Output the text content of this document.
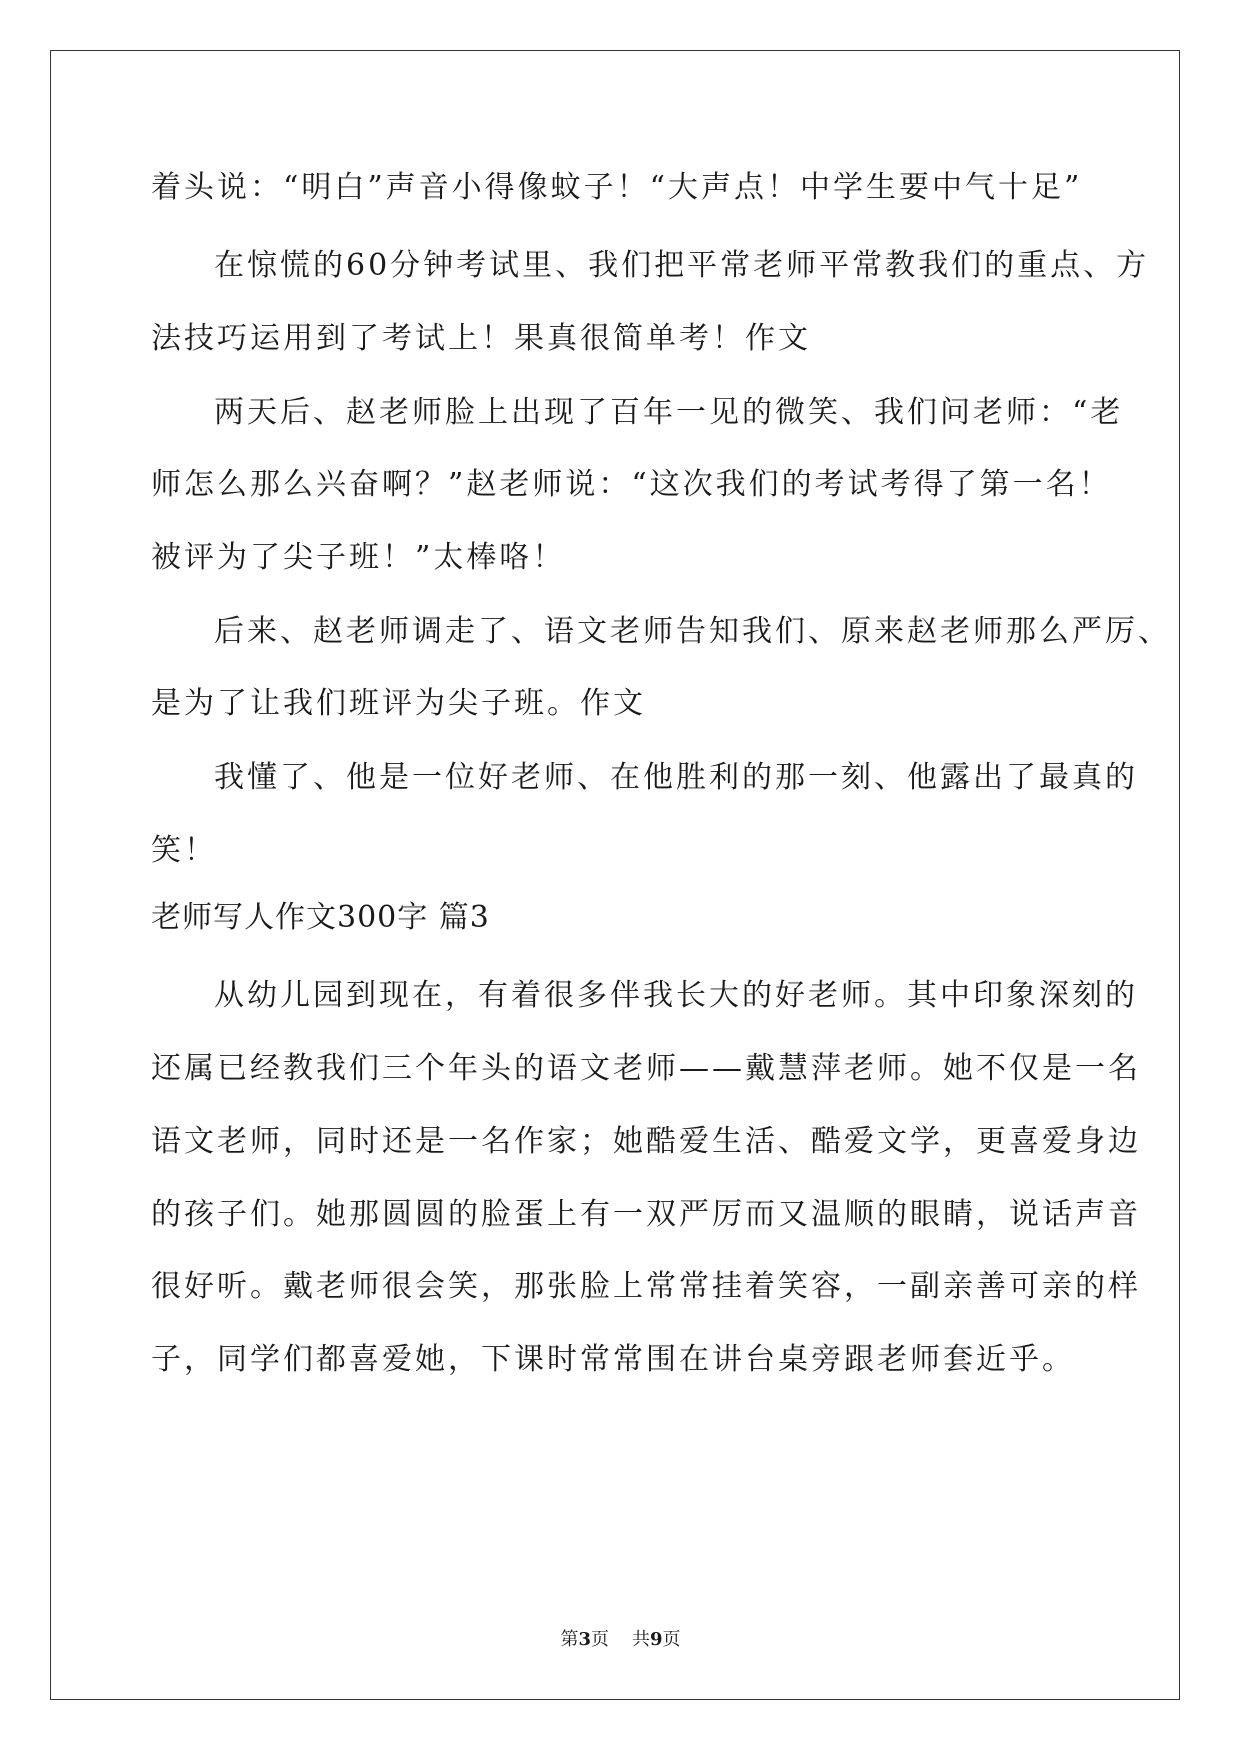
着头说：“明白”声音小得像蚊子！“大声点！中学生要中气十足”
在惊慌的60分钟考试里、我们把平常老师平常教我们的重点、方
法技巧运用到了考试上！果真很简单考！作文
两天后、赵老师脸上出现了百年一见的微笑、我们问老师：“老
师怎么那么兴奋啊？”赵老师说：“这次我们的考试考得了第一名！
被评为了尖子班！”太棒咯！
后来、赵老师调走了、语文老师告知我们、原来赵老师那么严厉、
是为了让我们班评为尖子班。作文
我懂了、他是一位好老师、在他胜利的那一刻、他露出了最真的
笑！
老师写人作文300字 篇3
从幼儿园到现在，有着很多伴我长大的好老师。其中印象深刻的
还属已经教我们三个年头的语文老师——戴慧萍老师。她不仅是一名
语文老师，同时还是一名作家；她酷爱生活、酷爱文学，更喜爱身边
的孩子们。她那圆圆的脸蛋上有一双严厉而又温顺的眼睛，说话声音
很好听。戴老师很会笑，那张脸上常常挂着笑容，一副亲善可亲的样
子，同学们都喜爱她，下课时常常围在讲台桌旁跟老师套近乎。
第3页 共9页
